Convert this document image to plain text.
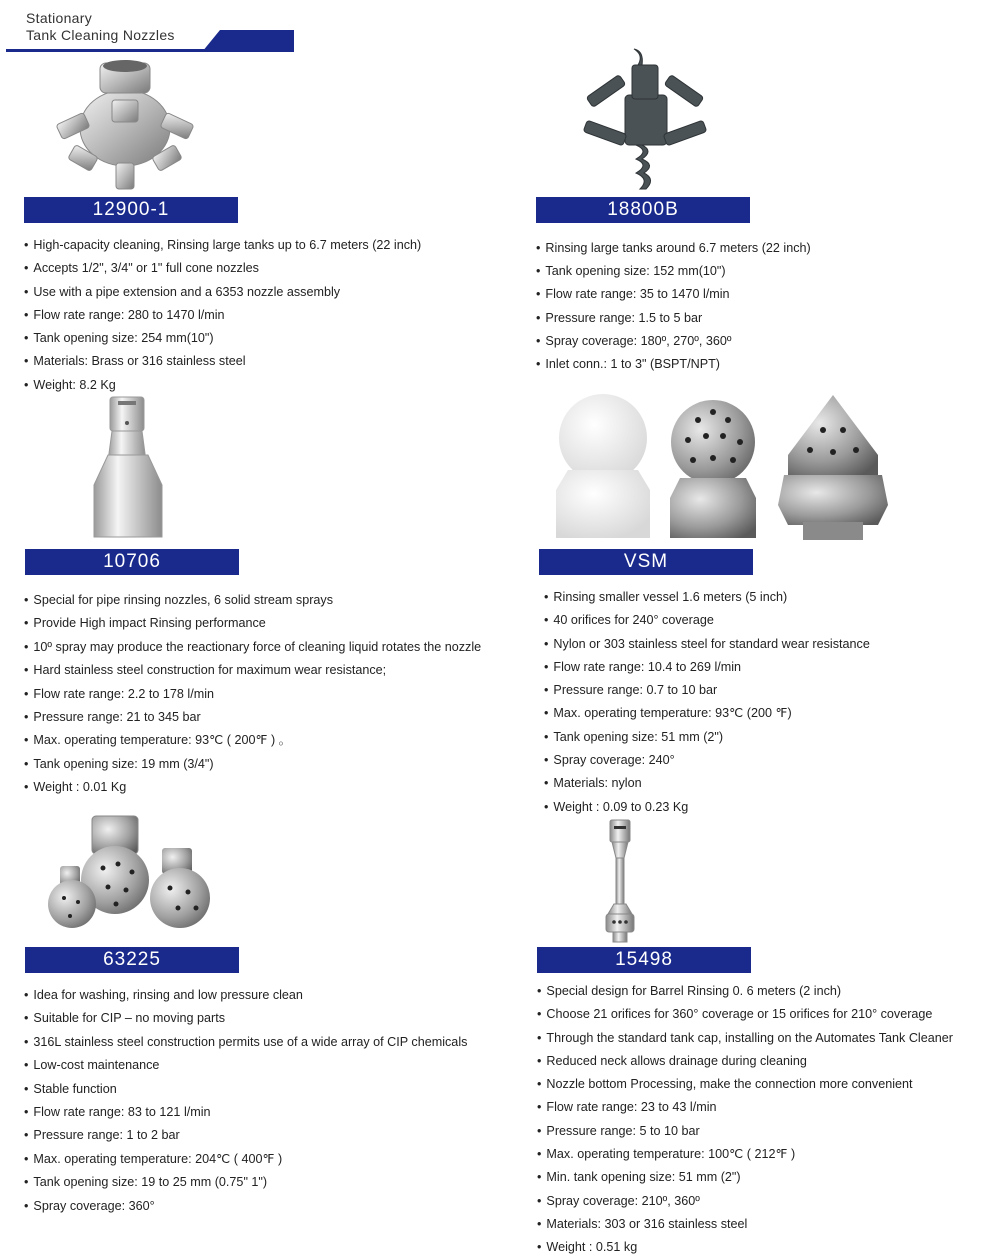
Stationary
Tank Cleaning Nozzles
12900-1
• High-capacity cleaning, Rinsing large tanks up to 6.7 meters (22 inch)
• Accepts 1/2", 3/4" or 1" full cone nozzles
• Use with a pipe extension and a 6353 nozzle assembly
• Flow rate range: 280 to 1470 l/min
• Tank opening size: 254 mm(10")
• Materials: Brass or 316 stainless steel
• Weight: 8.2 Kg
18800B
• Rinsing large tanks around 6.7 meters (22 inch)
• Tank opening size: 152 mm(10")
• Flow rate range: 35 to 1470 l/min
• Pressure range: 1.5 to 5 bar
• Spray coverage: 180º, 270º, 360º
• Inlet conn.: 1 to 3" (BSPT/NPT)
10706
• Special for pipe rinsing nozzles, 6 solid stream sprays
• Provide High impact Rinsing performance
• 10º spray may produce the reactionary force of cleaning liquid rotates the nozzle
• Hard stainless steel construction for maximum wear resistance;
• Flow rate range: 2.2 to 178 l/min
• Pressure range: 21 to 345 bar
• Max. operating temperature: 93℃ ( 200℉ ) 。
• Tank opening size: 19 mm (3/4")
• Weight : 0.01 Kg
VSM
• Rinsing smaller vessel 1.6 meters (5 inch)
• 40 orifices for 240° coverage
• Nylon or 303 stainless steel for standard wear resistance
• Flow rate range: 10.4 to 269 l/min
• Pressure range: 0.7 to 10 bar
• Max. operating temperature: 93℃ (200 ℉)
• Tank opening size: 51 mm (2")
• Spray coverage: 240°
• Materials: nylon
• Weight : 0.09 to 0.23 Kg
63225
• Idea for washing, rinsing and low pressure clean
• Suitable for CIP – no moving parts
• 316L stainless steel construction permits use of a wide array of CIP chemicals
• Low-cost maintenance
• Stable function
• Flow rate range: 83 to 121 l/min
• Pressure range: 1 to 2 bar
• Max. operating temperature: 204℃ ( 400℉ )
• Tank opening size: 19 to 25 mm (0.75" 1")
• Spray coverage: 360°
15498
• Special design for Barrel Rinsing 0. 6 meters (2 inch)
• Choose 21 orifices for 360° coverage or 15 orifices for 210° coverage
• Through the standard tank cap, installing on the Automates Tank Cleaner
• Reduced neck allows drainage during cleaning
• Nozzle bottom Processing, make the connection more convenient
• Flow rate range: 23 to 43 l/min
• Pressure range: 5 to 10 bar
• Max. operating temperature: 100℃ ( 212℉ )
• Min. tank opening size: 51 mm (2")
• Spray coverage: 210º, 360º
• Materials: 303 or 316 stainless steel
• Weight : 0.51 kg
